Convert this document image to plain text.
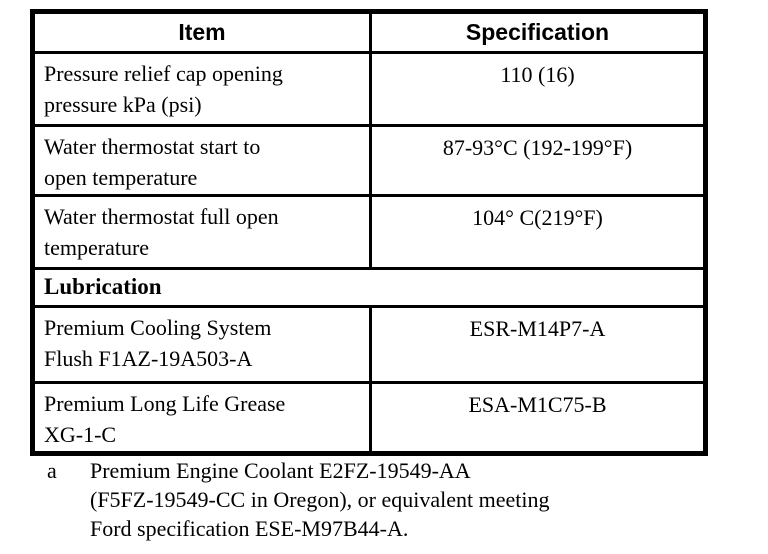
Item	Specification

Pressure relief cap opening
pressure kPa (psi)	110 (16)

Water thermostat start to
open temperature	87-93°C (192-199°F)

Water thermostat full open
temperature	104° C(219°F)
Lubrication	

Premium Cooling System
Flush F1AZ-19A503-A	ESR-M14P7-A

Premium Long Life Grease
XG-1-C	ESA-M1C75-B
a	Premium Engine Coolant E2FZ-19549-AA
(F5FZ-19549-CC in Oregon), or equivalent meeting
Ford specification ESE-M97B44-A.
